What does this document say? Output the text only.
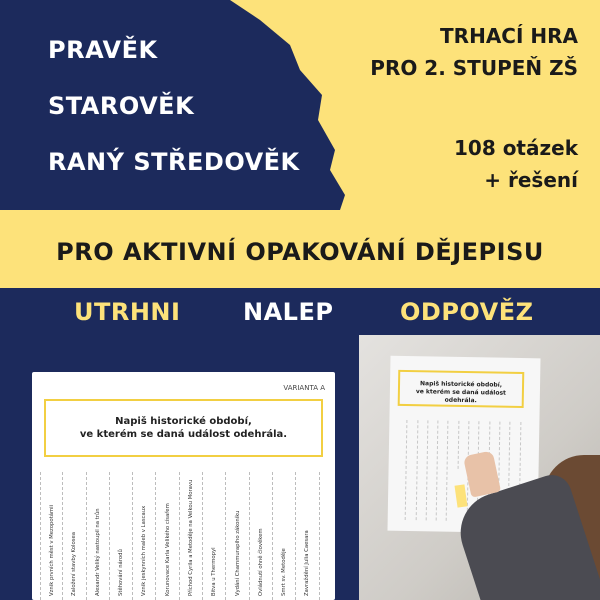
PRAVĚK
STAROVĚK
RANÝ STŘEDOVĚK
TRHACÍ HRA
PRO 2. STUPEŇ ZŠ
108 otázek
+ řešení
PRO AKTIVNÍ OPAKOVÁNÍ DĚJEPISU
UTRHNI	NALEP	ODPOVĚZ
VARIANTA A
Napiš historické období,
ve kterém se daná událost odehrála.
Vznik prvních měst v Mezopotámii	Založení stavby Koloseа	Alexandr Veliký nastoupil na trůn	Stěhování národů	Vznik jeskynních maleb v Lascaux	Korunovace Karla Velikého císařem	Příchod Cyrila a Metoděje na Velkou Moravu	Bitva u Thermopyl	Vydání Chammurapiho zákoníku	Ovládnutí ohně člověkem	Smrt sv. Metoděje	Zavraždění Julia Caesara
Napiš historické období,
ve kterém se daná událost odehrála.
